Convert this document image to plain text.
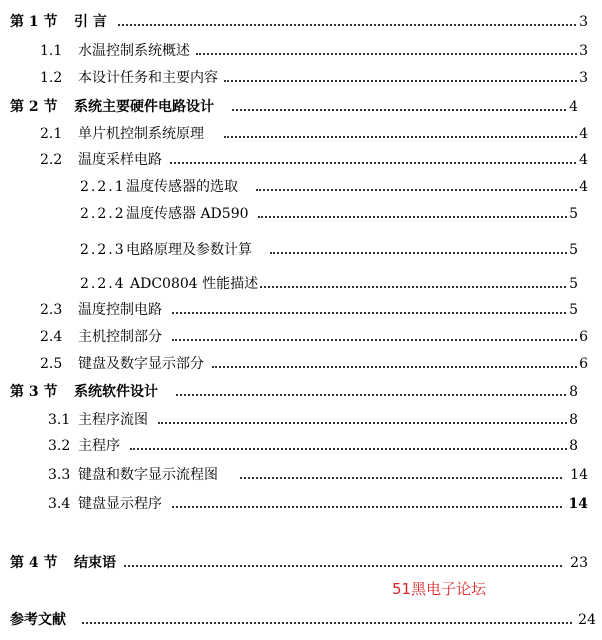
第 1 节 引 言	3
1.1 水温控制系统概述	3
1.2 本设计任务和主要内容	3
第 2 节 系统主要硬件电路设计	4
2.1 单片机控制系统原理	4
2.2 温度采样电路	4
2.2.1 温度传感器的选取	4
2.2.2 温度传感器 AD590	5
2.2.3 电路原理及参数计算	5
2.2.4 ADC0804 性能描述	5
2.3 温度控制电路	5
2.4 主机控制部分	6
2.5 键盘及数字显示部分	6
第 3 节 系统软件设计	8
3.1 主程序流图	8
3.2 主程序	8
3.3 键盘和数字显示流程图	14
3.4 键盘显示程序	14
第 4 节 结束语	23
51黑电子论坛
参考文献	24
